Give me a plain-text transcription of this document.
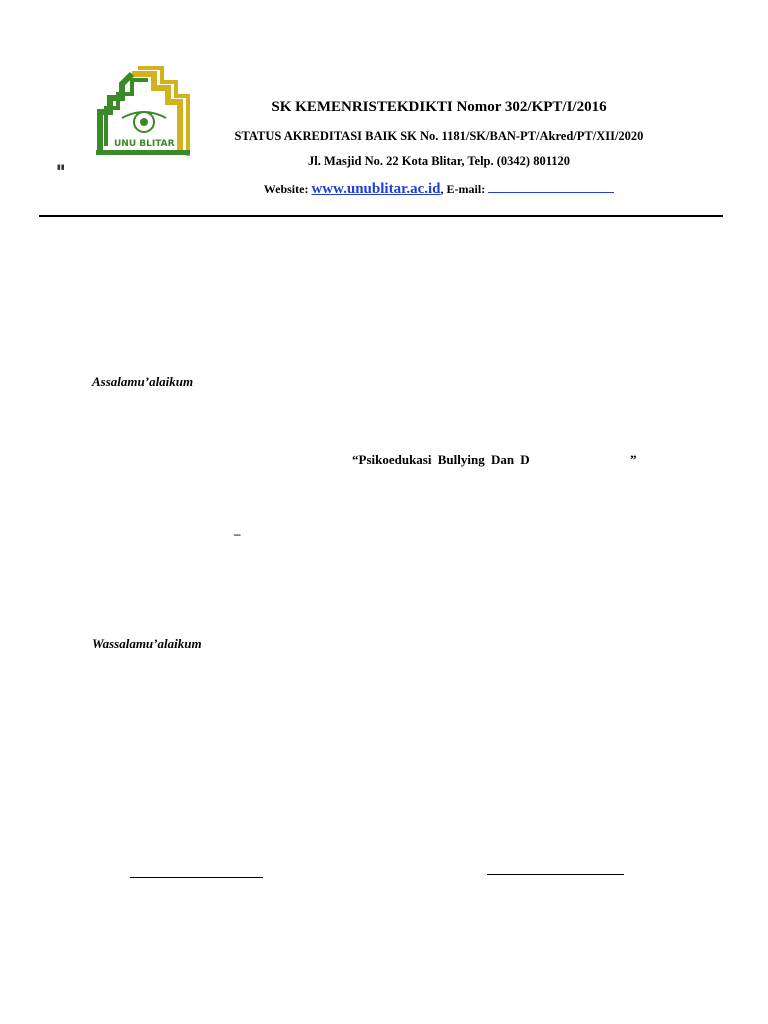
UNU BLITAR
▮▮
SK KEMENRISTEKDIKTI Nomor 302/KPT/I/2016
STATUS AKREDITASI BAIK SK No. 1181/SK/BAN-PT/Akred/PT/XII/2020
Jl. Masjid No. 22 Kota Blitar, Telp. (0342) 801120
Website: www.unublitar.ac.id, E-mail:
Assalamu’alaikum
“Psikoedukasi Bullying Dan D	”
–
Wassalamu’alaikum
